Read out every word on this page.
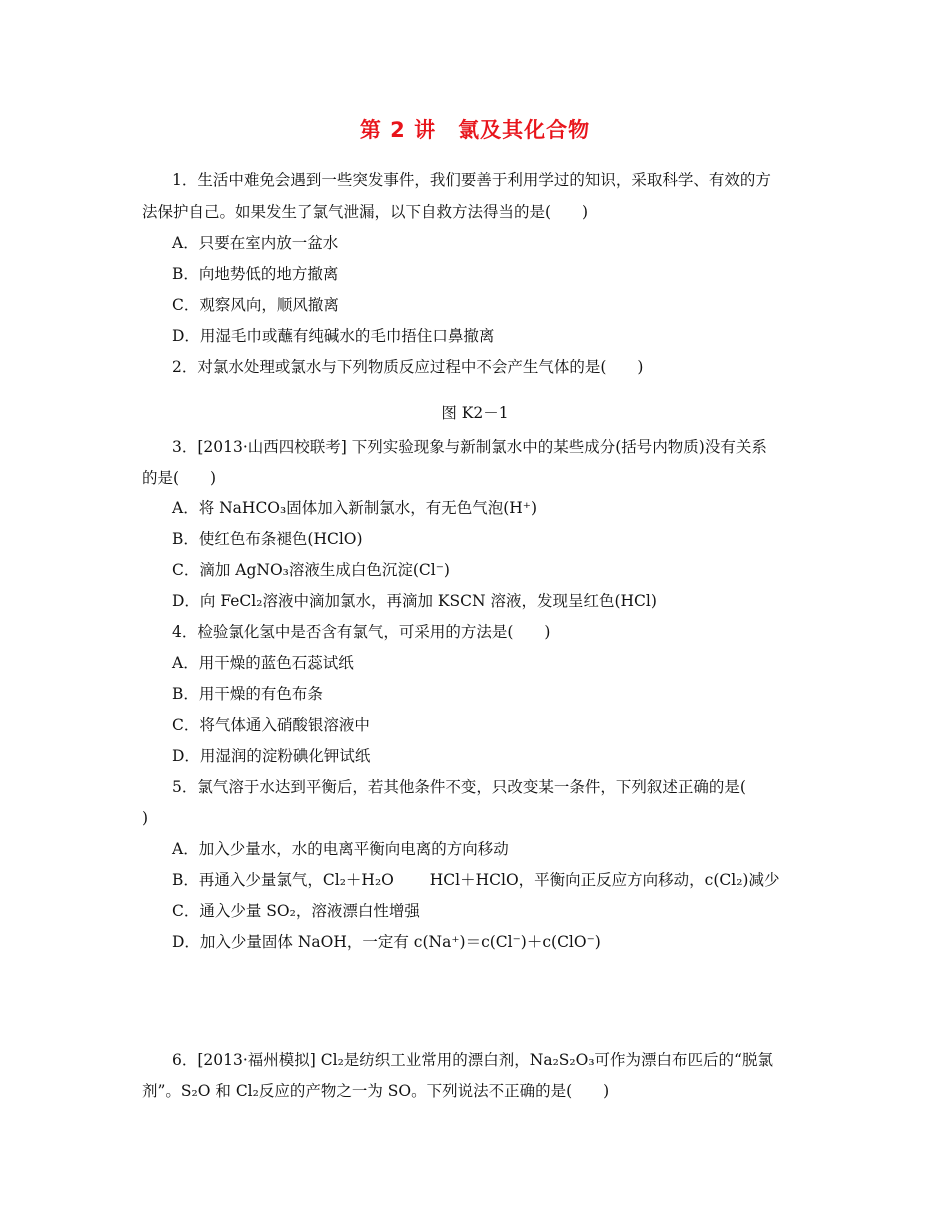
第 2 讲　氯及其化合物
1．生活中难免会遇到一些突发事件，我们要善于利用学过的知识，采取科学、有效的方
法保护自己。如果发生了氯气泄漏，以下自救方法得当的是(　　)
A．只要在室内放一盆水
B．向地势低的地方撤离
C．观察风向，顺风撤离
D．用湿毛巾或蘸有纯碱水的毛巾捂住口鼻撤离
2．对氯水处理或氯水与下列物质反应过程中不会产生气体的是(　　)
图 K2－1
3．[2013·山西四校联考] 下列实验现象与新制氯水中的某些成分(括号内物质)没有关系
的是(　　)
A．将 NaHCO₃固体加入新制氯水，有无色气泡(H⁺)
B．使红色布条褪色(HClO)
C．滴加 AgNO₃溶液生成白色沉淀(Cl⁻)
D．向 FeCl₂溶液中滴加氯水，再滴加 KSCN 溶液，发现呈红色(HCl)
4．检验氯化氢中是否含有氯气，可采用的方法是(　　)
A．用干燥的蓝色石蕊试纸
B．用干燥的有色布条
C．将气体通入硝酸银溶液中
D．用湿润的淀粉碘化钾试纸
5．氯气溶于水达到平衡后，若其他条件不变，只改变某一条件，下列叙述正确的是(
)
A．加入少量水，水的电离平衡向电离的方向移动
B．再通入少量氯气，Cl₂＋H₂O　　 HCl＋HClO，平衡向正反应方向移动，c(Cl₂)减少
C．通入少量 SO₂，溶液漂白性增强
D．加入少量固体 NaOH，一定有 c(Na⁺)＝c(Cl⁻)＋c(ClO⁻)
6．[2013·福州模拟] Cl₂是纺织工业常用的漂白剂，Na₂S₂O₃可作为漂白布匹后的“脱氯
剂”。S₂O 和 Cl₂反应的产物之一为 SO。下列说法不正确的是(　　)
